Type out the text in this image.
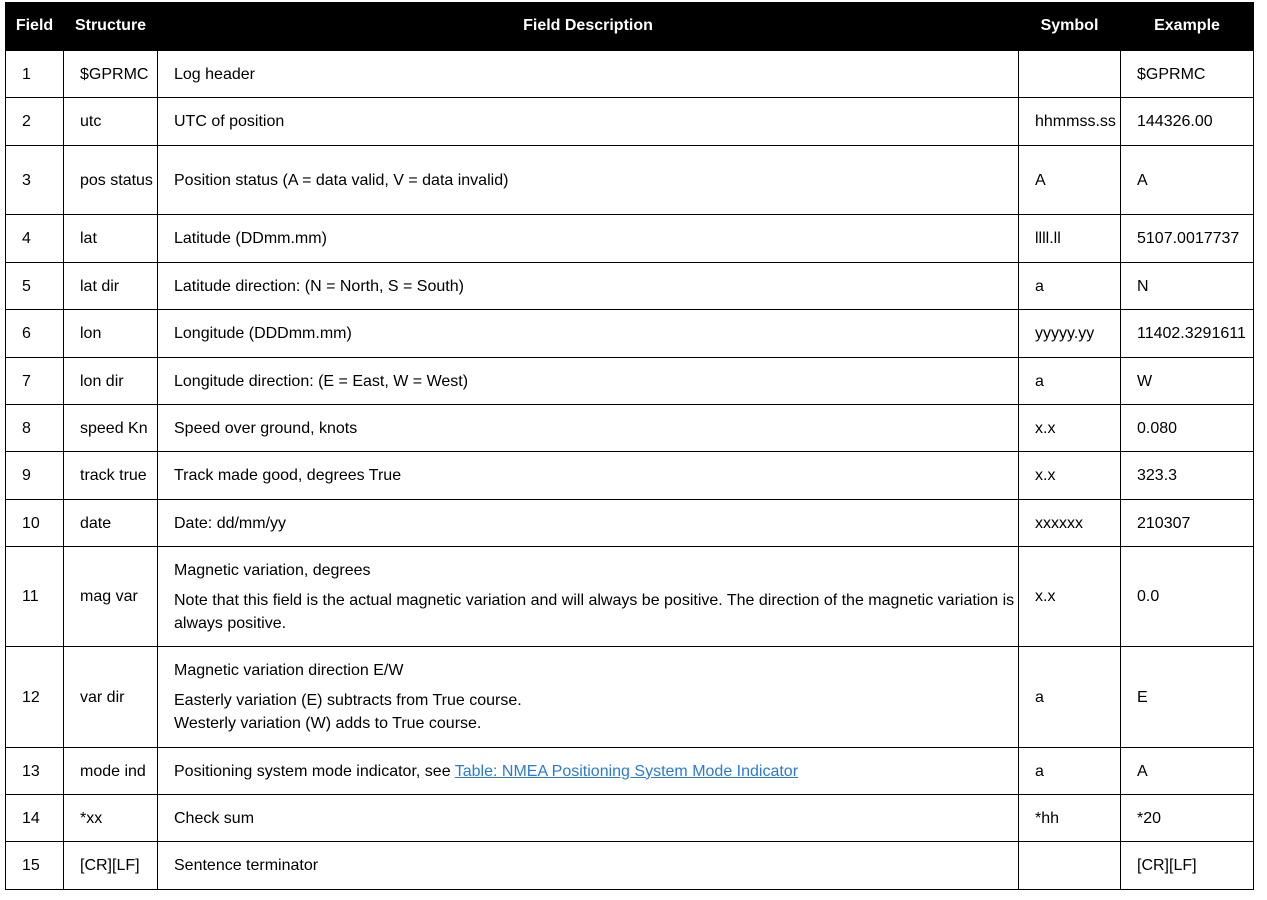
Field	Structure	Field Description	Symbol	Example
1	$GPRMC	Log header		$GPRMC
2	utc	UTC of position	hhmmss.ss	144326.00
3	pos status	Position status (A = data valid, V = data invalid)	A	A
4	lat	Latitude (DDmm.mm)	llll.ll	5107.0017737
5	lat dir	Latitude direction: (N = North, S = South)	a	N
6	lon	Longitude (DDDmm.mm)	yyyyy.yy	11402.3291611
7	lon dir	Longitude direction: (E = East, W = West)	a	W
8	speed Kn	Speed over ground, knots	x.x	0.080
9	track true	Track made good, degrees True	x.x	323.3
10	date	Date: dd/mm/yy	xxxxxx	210307
11	mag var	Magnetic variation, degrees
Note that this field is the actual magnetic variation and will always be positive. The direction of the magnetic variation is always positive.	x.x	0.0
12	var dir	Magnetic variation direction E/W
Easterly variation (E) subtracts from True course.
Westerly variation (W) adds to True course.	a	E
13	mode ind	Positioning system mode indicator, see Table: NMEA Positioning System Mode Indicator	a	A
14	*xx	Check sum	*hh	*20
15	[CR][LF]	Sentence terminator		[CR][LF]
